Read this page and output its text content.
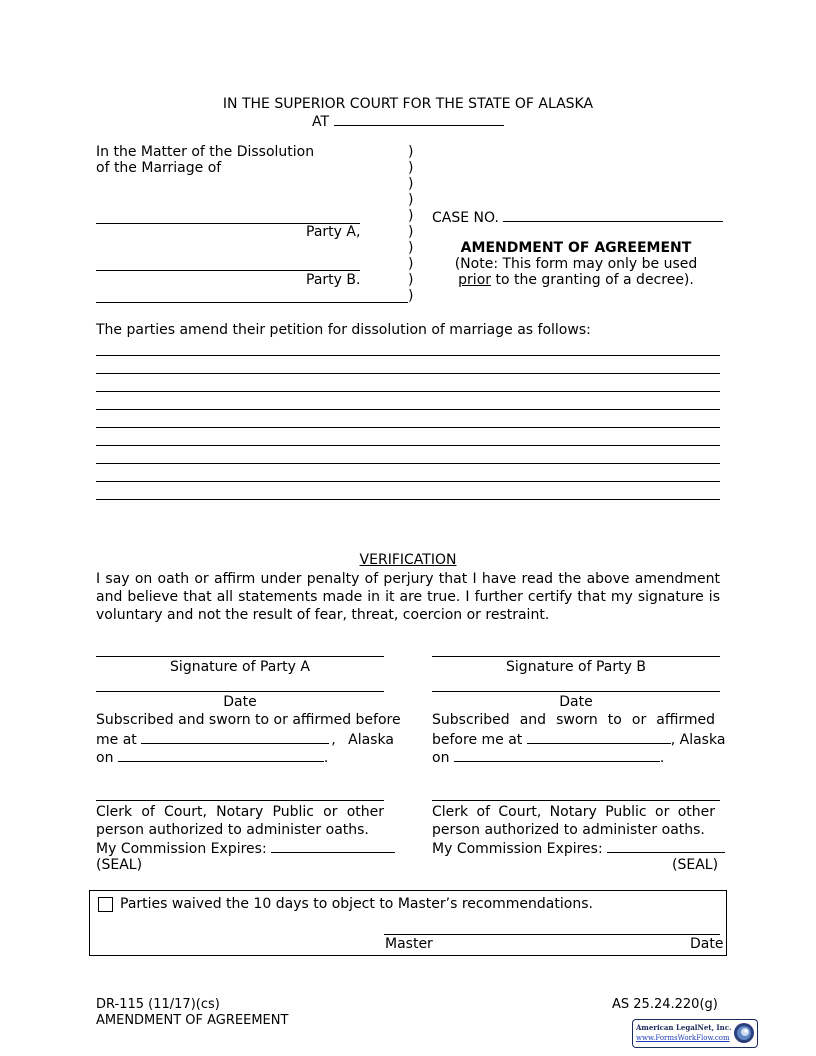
IN THE SUPERIOR COURT FOR THE STATE OF ALASKA
AT
In the Matter of the Dissolution
of the Marriage of
Party A,
Party B.
)
)
)
)
)
)
)
)
)
)
CASE NO.
AMENDMENT OF AGREEMENT
(Note: This form may only be used
prior to the granting of a decree).
The parties amend their petition for dissolution of marriage as follows:
VERIFICATION
I say on oath or affirm under penalty of perjury that I have read the above amendment and believe that all statements made in it are true. I further certify that my signature is voluntary and not the result of fear, threat, coercion or restraint.
Signature of Party A
Date
Subscribed and sworn to or affirmed before
me at	, Alaska
on	.
Clerk of Court, Notary Public or other person authorized to administer oaths.
My Commission Expires:
(SEAL)
Signature of Party B
Date
Subscribed and sworn to or affirmed
before me at	, Alaska
on	.
Clerk of Court, Notary Public or other person authorized to administer oaths.
My Commission Expires:
(SEAL)
Parties waived the 10 days to object to Master’s recommendations.
Master	Date
DR-115 (11/17)(cs)
AMENDMENT OF AGREEMENT
AS 25.24.220(g)
American LegalNet, Inc.
www.FormsWorkFlow.com
